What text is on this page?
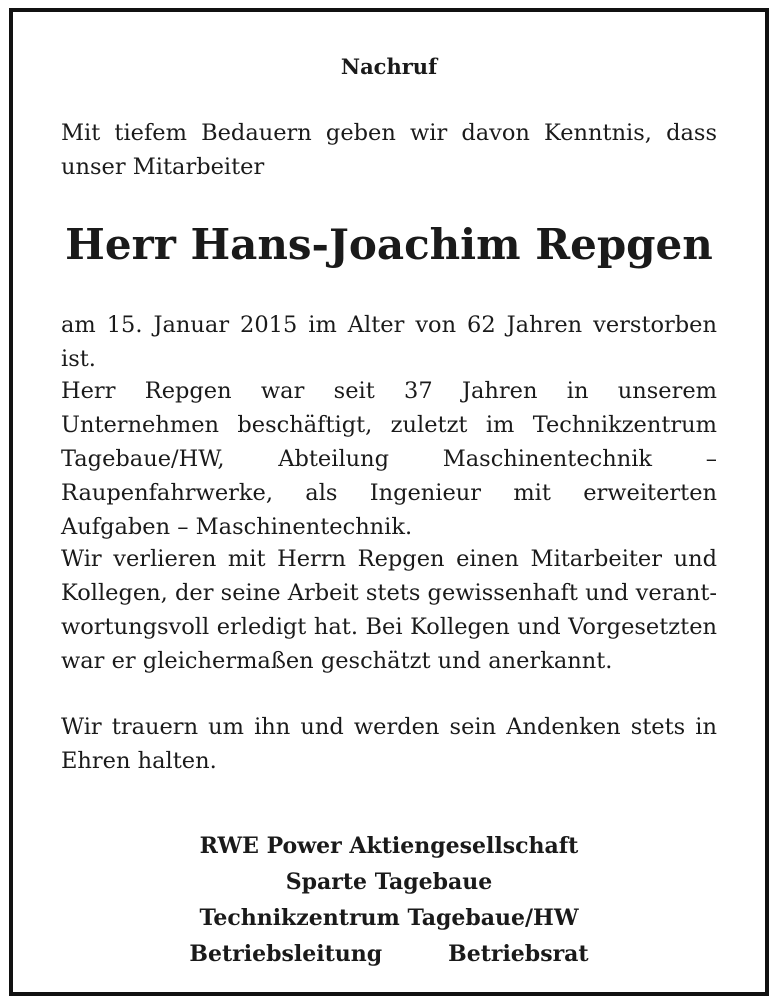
Nachruf
Mit tiefem Bedauern geben wir davon Kenntnis, dass unser Mitarbeiter
Herr Hans-Joachim Repgen
am 15. Januar 2015 im Alter von 62 Jahren verstorben ist.
Herr Repgen war seit 37 Jahren in unserem Unternehmen beschäftigt, zuletzt im Technikzentrum Tagebaue/HW, Abteilung Maschinentechnik – Raupenfahrwerke, als Ingenieur mit erweiterten Aufgaben – Maschinentechnik.
Wir verlieren mit Herrn Repgen einen Mitarbeiter und Kollegen, der seine Arbeit stets gewissenhaft und verantwortungsvoll erledigt hat. Bei Kollegen und Vorgesetzten war er gleichermaßen geschätzt und anerkannt.
Wir trauern um ihn und werden sein Andenken stets in Ehren halten.
RWE Power Aktiengesellschaft
Sparte Tagebaue
Technikzentrum Tagebaue/HW
Betriebsleitung	Betriebsrat
